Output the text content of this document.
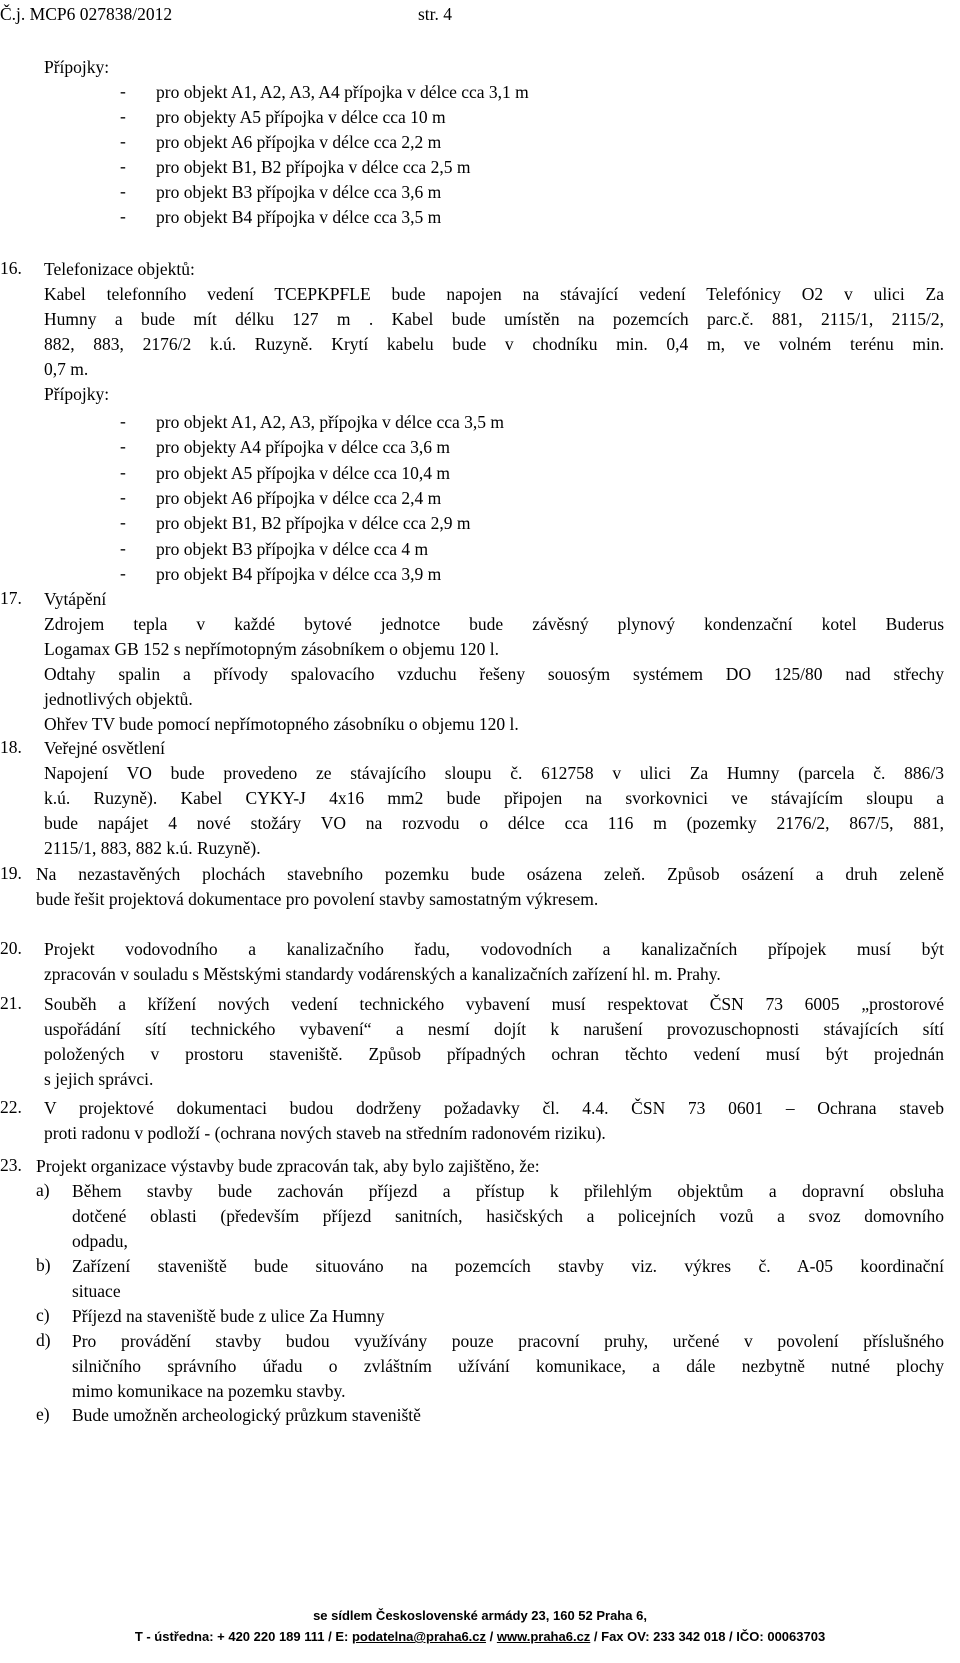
Č.j. MCP6 027838/2012	str. 4
Přípojky:
- pro objekt A1, A2, A3, A4 přípojka v délce cca 3,1 m
- pro objekty A5 přípojka v délce cca 10 m
- pro objekt A6 přípojka v délce cca 2,2 m
- pro objekt B1, B2 přípojka v délce cca 2,5 m
- pro objekt B3 přípojka v délce cca 3,6 m
- pro objekt B4 přípojka v délce cca 3,5 m
16. Telefonizace objektů:
Kabel telefonního vedení TCEPKPFLE bude napojen na stávající vedení Telefónicy O2 v ulici Za
Humny a bude mít délku 127 m . Kabel bude umístěn na pozemcích parc.č. 881, 2115/1, 2115/2,
882, 883, 2176/2 k.ú. Ruzyně. Krytí kabelu bude v chodníku min. 0,4 m, ve volném terénu min.
0,7 m.
Přípojky:
- pro objekt A1, A2, A3, přípojka v délce cca 3,5 m
- pro objekty A4 přípojka v délce cca 3,6 m
- pro objekt A5 přípojka v délce cca 10,4 m
- pro objekt A6 přípojka v délce cca 2,4 m
- pro objekt B1, B2 přípojka v délce cca 2,9 m
- pro objekt B3 přípojka v délce cca 4 m
- pro objekt B4 přípojka v délce cca 3,9 m
17. Vytápění
Zdrojem tepla v každé bytové jednotce bude závěsný plynový kondenzační kotel Buderus
Logamax GB 152 s nepřímotopným zásobníkem o objemu 120 l.
Odtahy spalin a přívody spalovacího vzduchu řešeny souosým systémem DO 125/80 nad střechy
jednotlivých objektů.
Ohřev TV bude pomocí nepřímotopného zásobníku o objemu 120 l.
18. Veřejné osvětlení
Napojení VO bude provedeno ze stávajícího sloupu č. 612758 v ulici Za Humny (parcela č. 886/3
k.ú. Ruzyně). Kabel CYKY-J 4x16 mm2 bude připojen na svorkovnici ve stávajícím sloupu a
bude napájet 4 nové stožáry VO na rozvodu o délce cca 116 m (pozemky 2176/2, 867/5, 881,
2115/1, 883, 882 k.ú. Ruzyně).
19. Na nezastavěných plochách stavebního pozemku bude osázena zeleň. Způsob osázení a druh zeleně
bude řešit projektová dokumentace pro povolení stavby samostatným výkresem.
20. Projekt vodovodního a kanalizačního řadu, vodovodních a kanalizačních přípojek musí být
zpracován v souladu s Městskými standardy vodárenských a kanalizačních zařízení hl. m. Prahy.
21. Souběh a křížení nových vedení technického vybavení musí respektovat ČSN 73 6005 „prostorové
uspořádání sítí technického vybavení“ a nesmí dojít k narušení provozuschopnosti stávajících sítí
položených v prostoru staveniště. Způsob případných ochran těchto vedení musí být projednán
s jejich správci.
22. V projektové dokumentaci budou dodrženy požadavky čl. 4.4. ČSN 73 0601 – Ochrana staveb
proti radonu v podloží - (ochrana nových staveb na středním radonovém riziku).
23. Projekt organizace výstavby bude zpracován tak, aby bylo zajištěno, že:
a) Během stavby bude zachován příjezd a přístup k přilehlým objektům a dopravní obsluha
dotčené oblasti (především příjezd sanitních, hasičských a policejních vozů a svoz domovního
odpadu,
b) Zařízení staveniště bude situováno na pozemcích stavby viz. výkres č. A-05 koordinační
situace
c) Příjezd na staveniště bude z ulice Za Humny
d) Pro provádění stavby budou využívány pouze pracovní pruhy, určené v povolení příslušného
silničního správního úřadu o zvláštním užívání komunikace, a dále nezbytně nutné plochy
mimo komunikace na pozemku stavby.
e) Bude umožněn archeologický průzkum staveniště
se sídlem Československé armády 23, 160 52 Praha 6,
T - ústředna: + 420 220 189 111 / E: podatelna@praha6.cz / www.praha6.cz / Fax OV: 233 342 018 / IČO: 00063703
